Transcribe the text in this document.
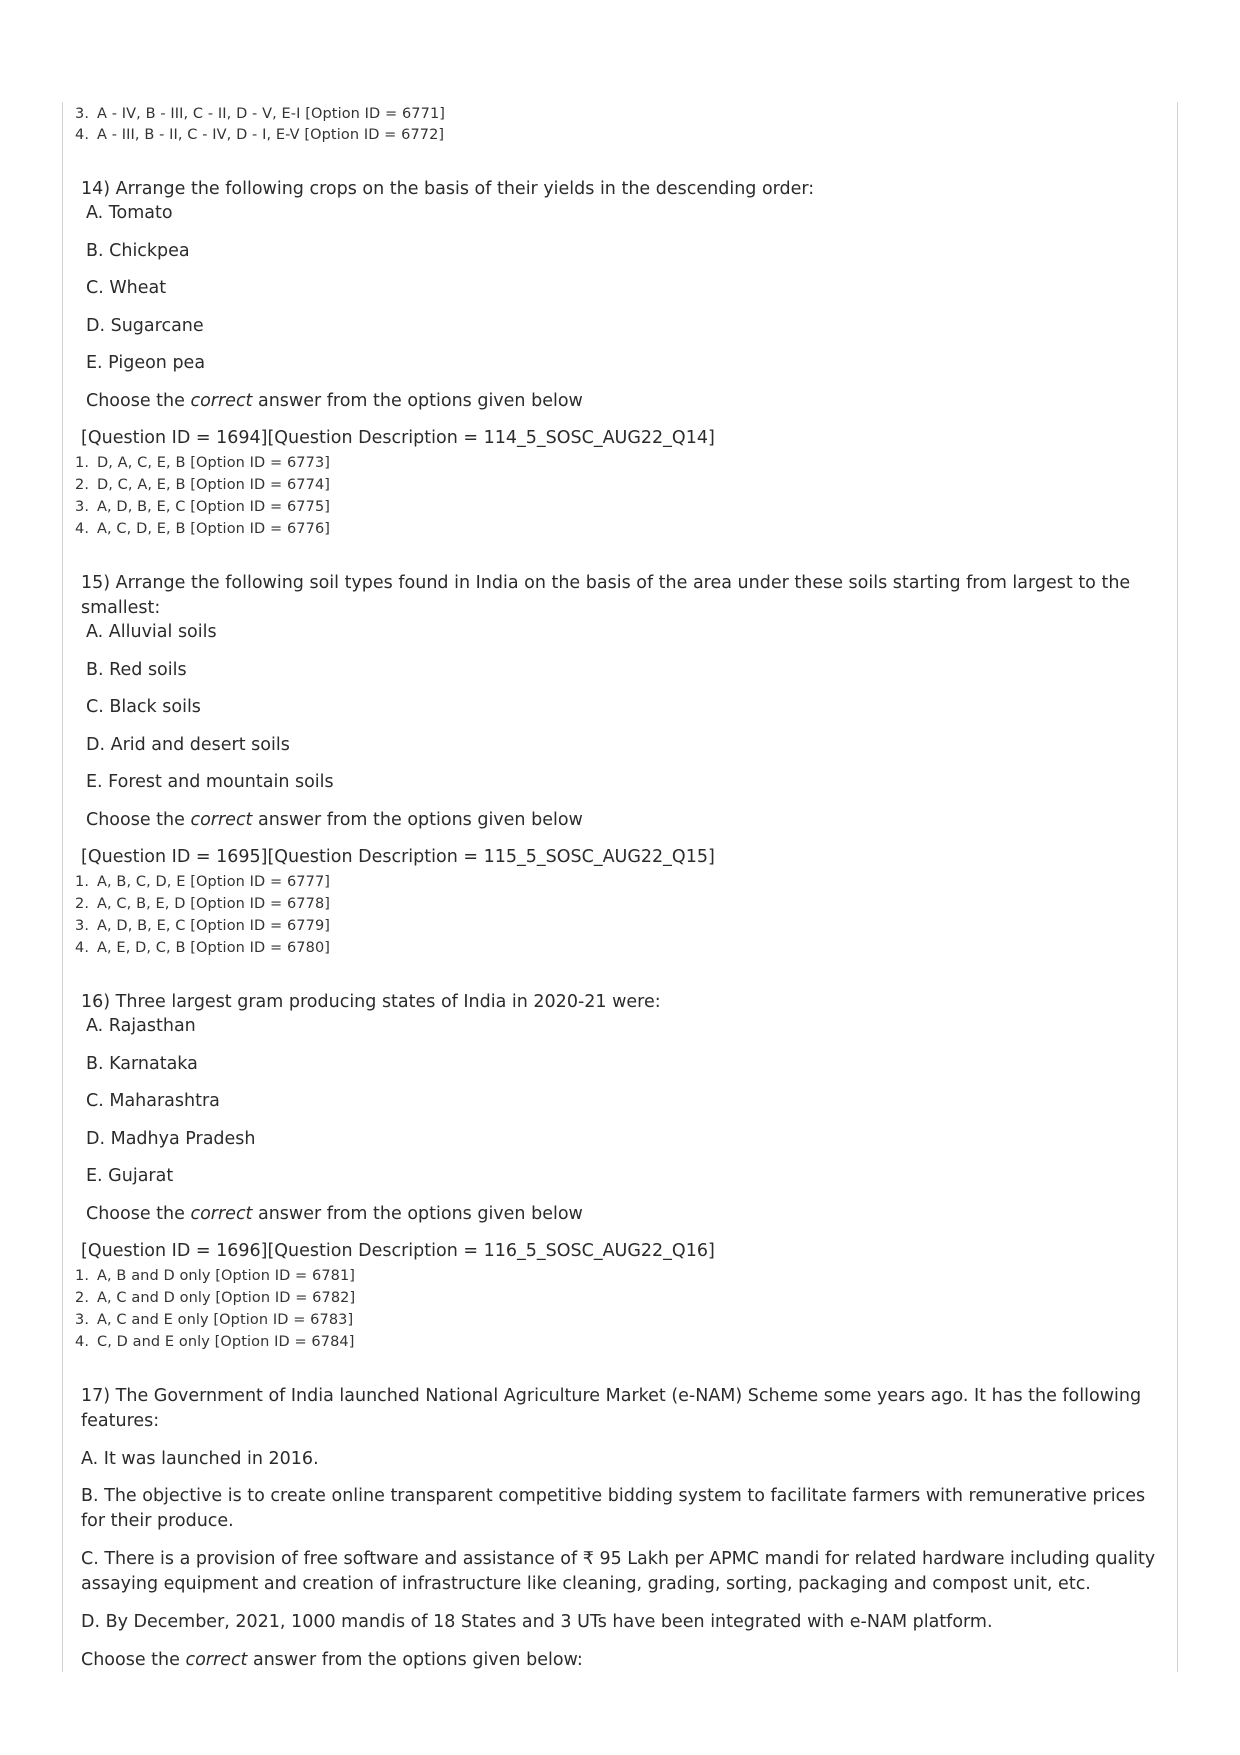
3. A - IV, B - III, C - II, D - V, E-I [Option ID = 6771]
4. A - III, B - II, C - IV, D - I, E-V [Option ID = 6772]
14) Arrange the following crops on the basis of their yields in the descending order:
A. Tomato
B. Chickpea
C. Wheat
D. Sugarcane
E. Pigeon pea
Choose the correct answer from the options given below
[Question ID = 1694][Question Description = 114_5_SOSC_AUG22_Q14]
1. D, A, C, E, B [Option ID = 6773]
2. D, C, A, E, B [Option ID = 6774]
3. A, D, B, E, C [Option ID = 6775]
4. A, C, D, E, B [Option ID = 6776]
15) Arrange the following soil types found in India on the basis of the area under these soils starting from largest to the smallest:
A. Alluvial soils
B. Red soils
C. Black soils
D. Arid and desert soils
E. Forest and mountain soils
Choose the correct answer from the options given below
[Question ID = 1695][Question Description = 115_5_SOSC_AUG22_Q15]
1. A, B, C, D, E [Option ID = 6777]
2. A, C, B, E, D [Option ID = 6778]
3. A, D, B, E, C [Option ID = 6779]
4. A, E, D, C, B [Option ID = 6780]
16) Three largest gram producing states of India in 2020-21 were:
A. Rajasthan
B. Karnataka
C. Maharashtra
D. Madhya Pradesh
E. Gujarat
Choose the correct answer from the options given below
[Question ID = 1696][Question Description = 116_5_SOSC_AUG22_Q16]
1. A, B and D only [Option ID = 6781]
2. A, C and D only [Option ID = 6782]
3. A, C and E only [Option ID = 6783]
4. C, D and E only [Option ID = 6784]
17) The Government of India launched National Agriculture Market (e-NAM) Scheme some years ago. It has the following features:
A. It was launched in 2016.
B. The objective is to create online transparent competitive bidding system to facilitate farmers with remunerative prices for their produce.
C. There is a provision of free software and assistance of ₹ 95 Lakh per APMC mandi for related hardware including quality assaying equipment and creation of infrastructure like cleaning, grading, sorting, packaging and compost unit, etc.
D. By December, 2021, 1000 mandis of 18 States and 3 UTs have been integrated with e-NAM platform.
Choose the correct answer from the options given below:
